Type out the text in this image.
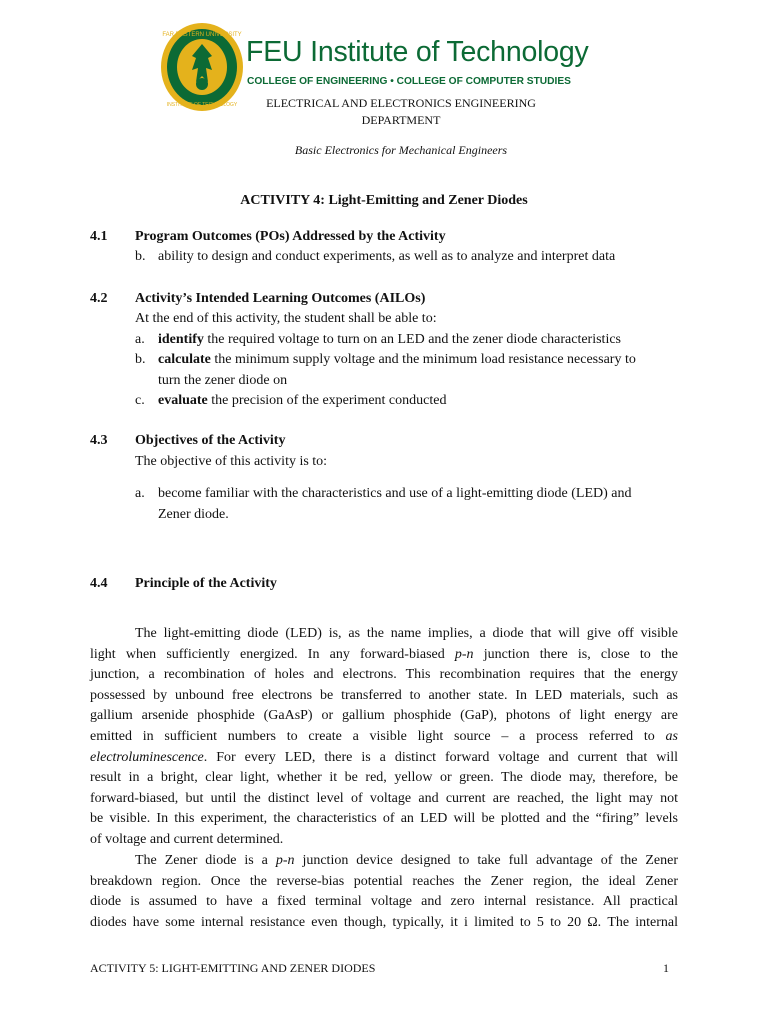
FAR EASTERN UNIVERSITY
INSTITUTE OF TECHNOLOGY
FEU Institute of Technology
COLLEGE OF ENGINEERING • COLLEGE OF COMPUTER STUDIES
ELECTRICAL AND ELECTRONICS ENGINEERING
DEPARTMENT
Basic Electronics for Mechanical Engineers
ACTIVITY 4: Light-Emitting and Zener Diodes
4.1 Program Outcomes (POs) Addressed by the Activity
b. ability to design and conduct experiments, as well as to analyze and interpret data
4.2 Activity’s Intended Learning Outcomes (AILOs)
At the end of this activity, the student shall be able to:
a. identify the required voltage to turn on an LED and the zener diode characteristics
b. calculate the minimum supply voltage and the minimum load resistance necessary to
turn the zener diode on
c. evaluate the precision of the experiment conducted
4.3 Objectives of the Activity
The objective of this activity is to:
a. become familiar with the characteristics and use of a light-emitting diode (LED) and
Zener diode.
4.4 Principle of the Activity
The light-emitting diode (LED) is, as the name implies, a diode that will give off visible
light when sufficiently energized. In any forward-biased p-n junction there is, close to the
junction, a recombination of holes and electrons. This recombination requires that the energy
possessed by unbound free electrons be transferred to another state. In LED materials, such as
gallium arsenide phosphide (GaAsP) or gallium phosphide (GaP), photons of light energy are
emitted in sufficient numbers to create a visible light source – a process referred to as
electroluminescence. For every LED, there is a distinct forward voltage and current that will
result in a bright, clear light, whether it be red, yellow or green. The diode may, therefore, be
forward-biased, but until the distinct level of voltage and current are reached, the light may not
be visible. In this experiment, the characteristics of an LED will be plotted and the “firing” levels
of voltage and current determined.
The Zener diode is a p-n junction device designed to take full advantage of the Zener
breakdown region. Once the reverse-bias potential reaches the Zener region, the ideal Zener
diode is assumed to have a fixed terminal voltage and zero internal resistance. All practical
diodes have some internal resistance even though, typically, it i limited to 5 to 20 Ω. The internal
ACTIVITY 5: LIGHT-EMITTING AND ZENER DIODES	1
